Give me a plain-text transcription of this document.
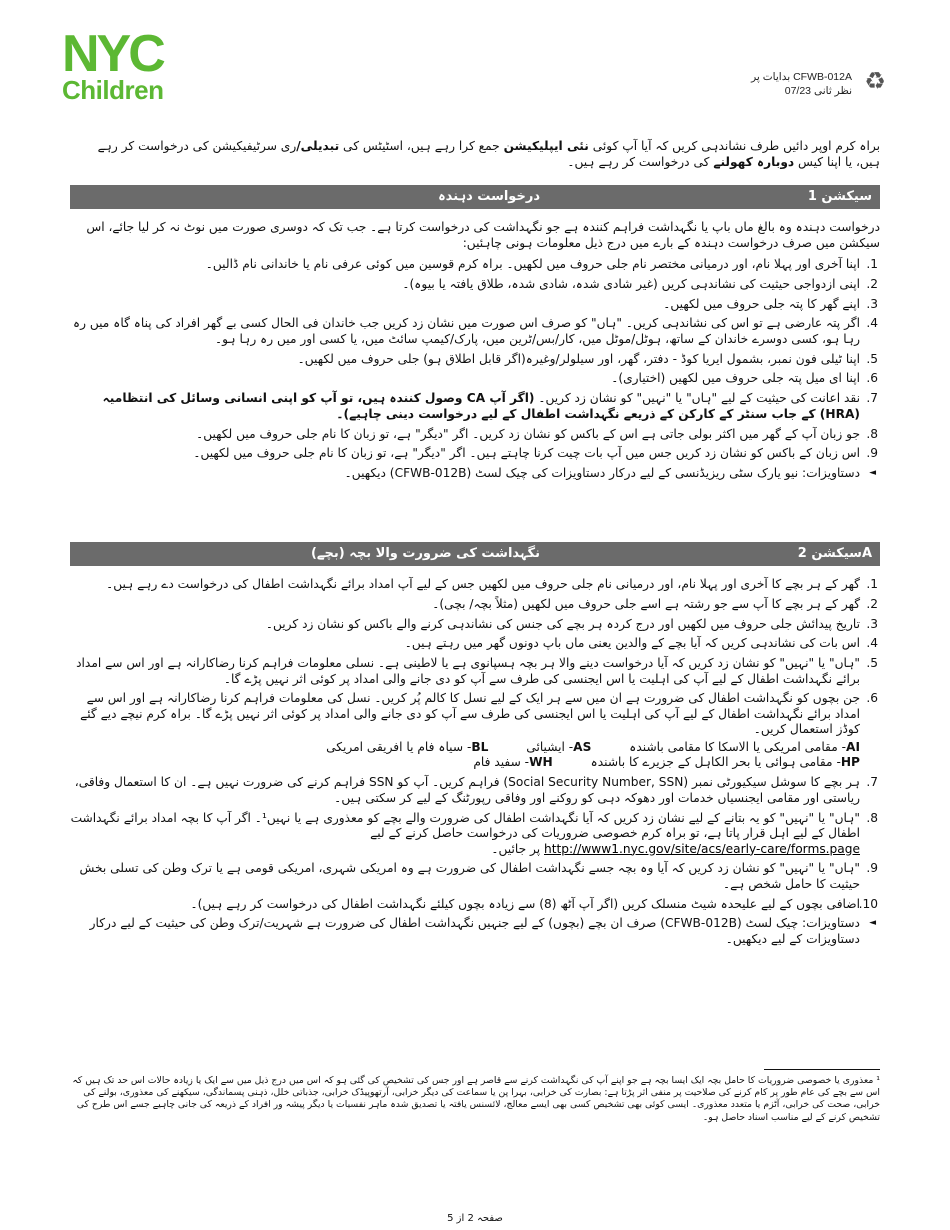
NYC
Children	CFWB-012A بدایات پر
نظر ثانی 07/23 ♻
براہ کرم اوپر دائیں طرف نشاندہی کریں کہ آیا آپ کوئی نئی ایپلیکیشن جمع کرا رہے ہیں، اسٹیٹس کی تبدیلی/ری سرٹیفیکیشن کی درخواست کر رہے ہیں، یا اپنا کیس دوبارہ کھولنے کی درخواست کر رہے ہیں۔
سیکشن 1
درخواست دہندہ

درخواست دہندہ وہ بالغ ماں باپ یا نگہداشت فراہم کنندہ ہے جو نگہداشت کی درخواست کرتا ہے۔ جب تک کہ دوسری صورت میں نوٹ نہ کر لیا جائے، اس سیکشن میں صرف درخواست دہندہ کے بارے میں درج ذیل معلومات ہونی چاہئیں:

.1
اپنا آخری اور پہلا نام، اور درمیانی مختصر نام جلی حروف میں لکھیں۔ براہ کرم قوسین میں کوئی عرفی نام یا خاندانی نام ڈالیں۔
.2
اپنی ازدواجی حیثیت کی نشاندہی کریں (غیر شادی شدہ، شادی شدہ، طلاق یافتہ یا بیوہ)۔
.3
اپنے گھر کا پتہ جلی حروف میں لکھیں۔
.4
اگر پتہ عارضی ہے تو اس کی نشاندہی کریں۔ "ہاں" کو صرف اس صورت میں نشان زد کریں جب خاندان فی الحال کسی بے گھر افراد کی پناہ گاہ میں رہ رہا ہو، کسی دوسرے خاندان کے ساتھ، ہوٹل/موٹل میں، کار/بس/ٹرین میں، پارک/کیمپ سائٹ میں، یا کسی اور میں رہ رہا ہو۔
.5
اپنا ٹیلی فون نمبر، بشمول ایریا کوڈ - دفتر، گھر، اور سیلولر/وغیرہ(اگر قابل اطلاق ہو) جلی حروف میں لکھیں۔
.6
اپنا ای میل پتہ جلی حروف میں لکھیں (اختیاری)۔
.7
نقد اعانت کی حیثیت کے لیے "ہاں" یا "نہیں" کو نشان زد کریں۔ (اگر آپ CA وصول کنندہ ہیں، تو آپ کو اپنی انسانی وسائل کی انتظامیہ (HRA) کے جاب سنٹر کے کارکن کے ذریعے نگہداشت اطفال کے لیے درخواست دینی چاہیے)۔
.8
جو زبان آپ کے گھر میں اکثر بولی جاتی ہے اس کے باکس کو نشان زد کریں۔ اگر "دیگر" ہے، تو زبان کا نام جلی حروف میں لکھیں۔
.9
اس زبان کے باکس کو نشان زد کریں جس میں آپ بات چیت کرنا چاہتے ہیں۔ اگر "دیگر" ہے، تو زبان کا نام جلی حروف میں لکھیں۔
◄
دستاویزات: نیو یارک سٹی ریزیڈنسی کے لیے درکار دستاویزات کی چیک لسٹ (CFWB-012B) دیکھیں۔
سیکشن 2A
نگہداشت کی ضرورت والا بچہ (بچے)
.1
گھر کے ہر بچے کا آخری اور پہلا نام، اور درمیانی نام جلی حروف میں لکھیں جس کے لیے آپ امداد برائے نگہداشت اطفال کی درخواست دے رہے ہیں۔
.2
گھر کے ہر بچے کا آپ سے جو رشتہ ہے اسے جلی حروف میں لکھیں (مثلاً بچہ/ بچی)۔
.3
تاریخ پیدائش جلی حروف میں لکھیں اور درج کردہ ہر بچے کی جنس کی نشاندہی کرنے والے باکس کو نشان زد کریں۔
.4
اس بات کی نشاندہی کریں کہ آیا بچے کے والدین یعنی ماں باپ دونوں گھر میں رہتے ہیں۔
.5
"ہاں" یا "نہیں" کو نشان زد کریں کہ آیا درخواست دینے والا ہر بچہ ہسپانوی ہے یا لاطینی ہے۔ نسلی معلومات فراہم کرنا رضاکارانہ ہے اور اس سے امداد برائے نگہداشت اطفال کے لیے آپ کی اہلیت یا اس ایجنسی کی طرف سے آپ کو دی جانے والی امداد پر کوئی اثر نہیں پڑے گا۔
.6
جن بچوں کو نگہداشت اطفال کی ضرورت ہے ان میں سے ہر ایک کے لیے نسل کا کالم پُر کریں۔ نسل کی معلومات فراہم کرنا رضاکارانہ ہے اور اس سے امداد برائے نگہداشت اطفال کے لیے آپ کی اہلیت یا اس ایجنسی کی طرف سے آپ کو دی جانے والی امداد پر کوئی اثر نہیں پڑے گا۔ براہ کرم نیچے دیے گئے کوڈز استعمال کریں۔
AI- مقامی امریکی یا الاسکا کا مقامی باشندہ AS- ایشیائی BL- سیاہ فام یا افریقی امریکی
HP- مقامی ہوائی یا بحر الکاہل کے جزیرے کا باشندہ WH- سفید فام
.7
ہر بچے کا سوشل سیکیورٹی نمبر (Social Security Number, SSN) فراہم کریں۔ آپ کو SSN فراہم کرنے کی ضرورت نہیں ہے۔ ان کا استعمال وفاقی، ریاستی اور مقامی ایجنسیاں خدمات اور دھوکہ دہی کو روکنے اور وفاقی رپورٹنگ کے لیے کر سکتی ہیں۔
.8
"ہاں" یا "نہیں" کو یہ بتانے کے لیے نشان زد کریں کہ آیا نگہداشت اطفال کی ضرورت والے بچے کو معذوری ہے یا نہیں¹۔ اگر آپ کا بچہ امداد برائے نگہداشت اطفال کے لیے اہل قرار پاتا ہے، تو براہ کرم خصوصی ضروریات کی درخواست حاصل کرنے کے لیے
http://www1.nyc.gov/site/acs/early-care/forms.page پر جائیں۔
.9
"ہاں" یا "نہیں" کو نشان زد کریں کہ آیا وہ بچہ جسے نگہداشت اطفال کی ضرورت ہے وہ امریکی شہری، امریکی قومی ہے یا ترک وطن کی تسلی بخش حیثیت کا حامل شخص ہے۔
.10
اضافی بچوں کے لیے علیحدہ شیٹ منسلک کریں (اگر آپ آٹھ (8) سے زیادہ بچوں کیلئے نگہداشت اطفال کی درخواست کر رہے ہیں)۔
◄
دستاویزات: چیک لسٹ (CFWB-012B) صرف ان بچے (بچوں) کے لیے جنہیں نگہداشت اطفال کی ضرورت ہے شہریت/ترک وطن کی حیثیت کے لیے درکار دستاویزات کے لیے دیکھیں۔
¹ معذوری یا خصوصی ضروریات کا حامل بچہ ایک ایسا بچہ ہے جو اپنے آپ کی نگہداشت کرنے سے قاصر ہے اور جس کی تشخیص کی گئی ہو کہ اس میں درج ذیل میں سے ایک یا زیادہ حالات اس حد تک ہیں کہ اس سے بچے کی عام طور پر کام کرنے کی صلاحیت پر منفی اثر پڑتا ہے: بصارت کی خرابی، بہرا پن یا سماعت کی دیگر خرابی، آرتھوپیڈک خرابی، جذباتی خلل، ذہنی پسماندگی، سیکھنے کی معذوری، بولنے کی خرابی، صحت کی خرابی، آٹزم یا متعدد معذوری۔ ایسی کوئی بھی تشخیص کسی بھی ایسے معالج، لائسنس یافتہ یا تصدیق شدہ ماہر نفسیات یا دیگر پیشہ ور افراد کے ذریعہ کی جانی چاہیے جسے اس طرح کی تشخیص کرنے کے لیے مناسب اسناد حاصل ہو۔
صفحہ 2 از 5
